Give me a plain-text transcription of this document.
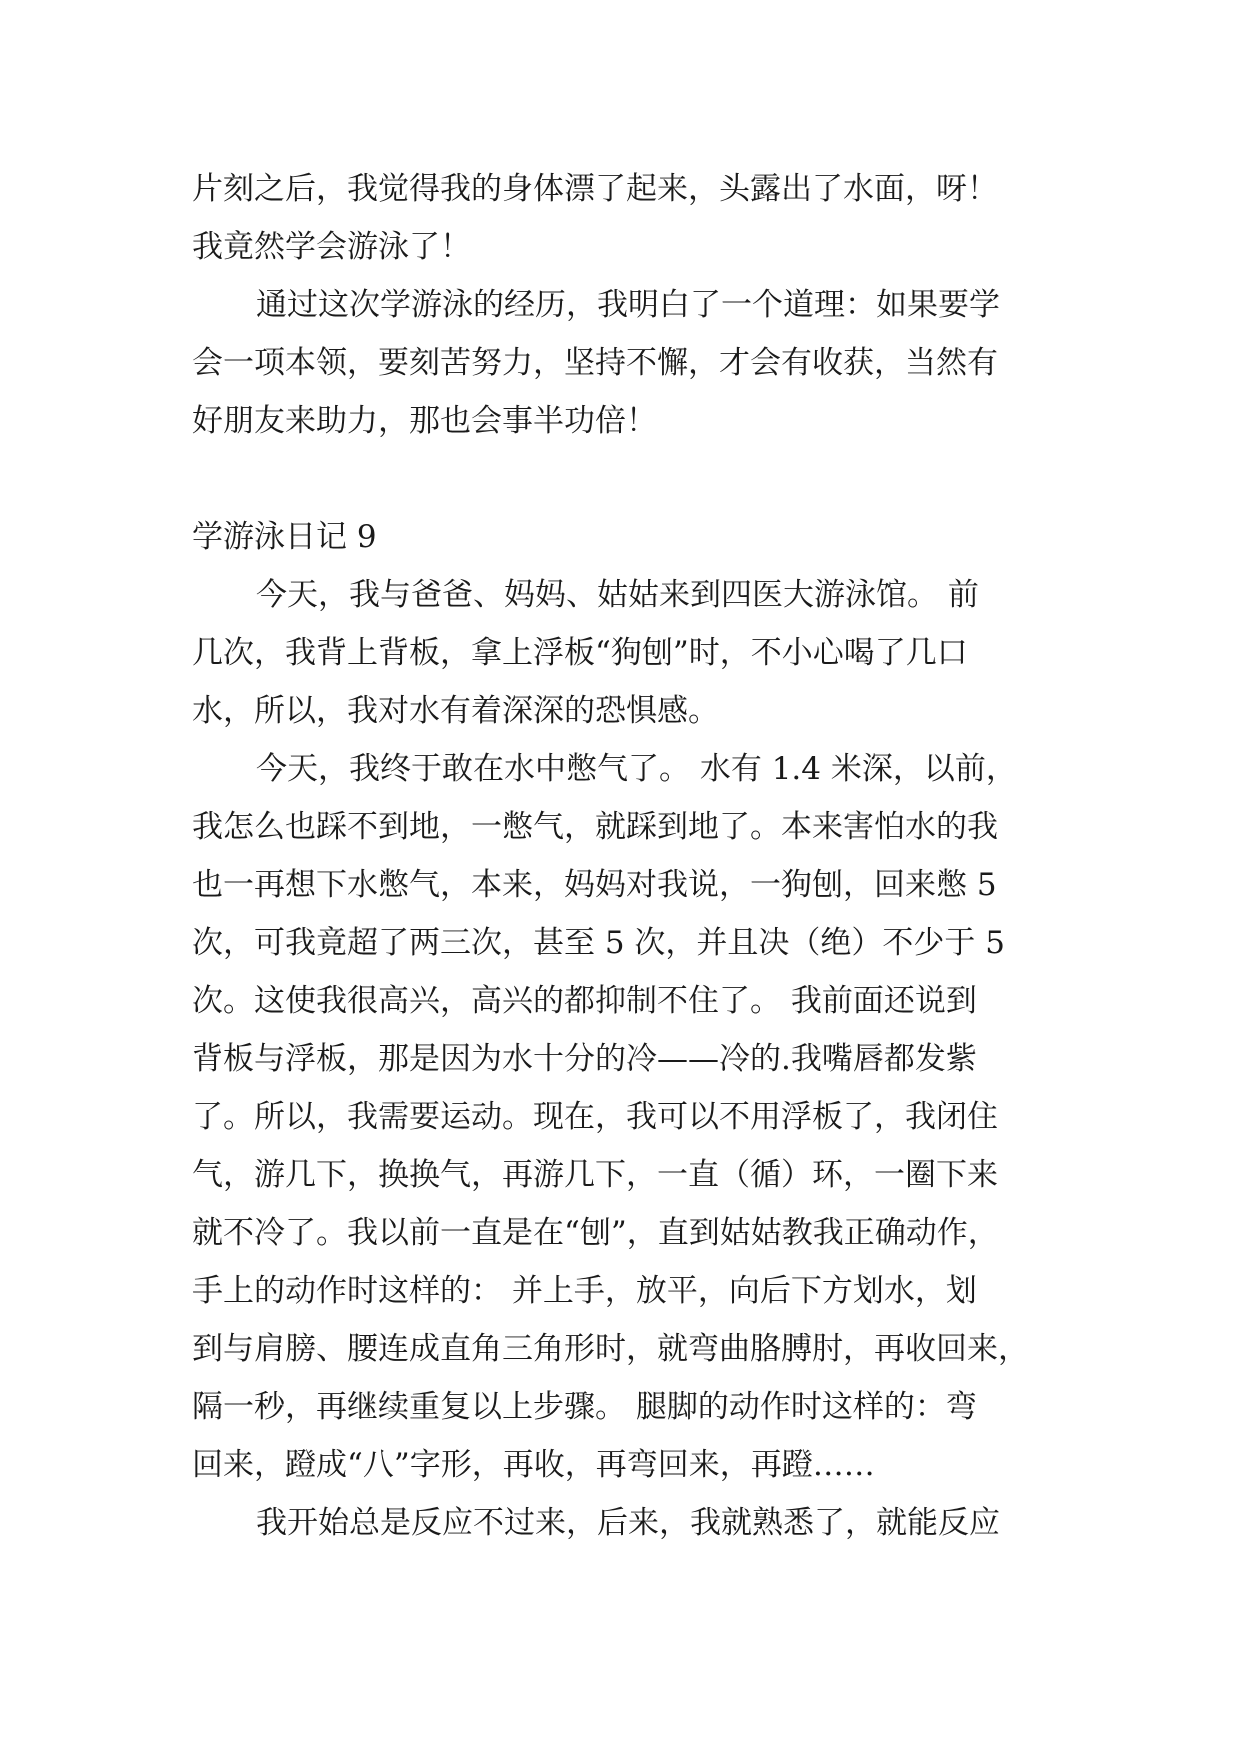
片刻之后，我觉得我的身体漂了起来，头露出了水面，呀！
我竟然学会游泳了！
通过这次学游泳的经历，我明白了一个道理：如果要学
会一项本领，要刻苦努力，坚持不懈，才会有收获，当然有
好朋友来助力，那也会事半功倍！
学游泳日记 9
今天，我与爸爸、妈妈、姑姑来到四医大游泳馆。 前
几次，我背上背板，拿上浮板“狗刨”时，不小心喝了几口
水，所以，我对水有着深深的恐惧感。
今天，我终于敢在水中憋气了。 水有 1.4 米深，以前，
我怎么也踩不到地，一憋气，就踩到地了。本来害怕水的我
也一再想下水憋气，本来，妈妈对我说，一狗刨，回来憋 5
次，可我竟超了两三次，甚至 5 次，并且决（绝）不少于 5
次。这使我很高兴，高兴的都抑制不住了。 我前面还说到
背板与浮板，那是因为水十分的冷——冷的.我嘴唇都发紫
了。所以，我需要运动。现在，我可以不用浮板了，我闭住
气，游几下，换换气，再游几下，一直（循）环，一圈下来
就不冷了。我以前一直是在“刨”，直到姑姑教我正确动作，
手上的动作时这样的： 并上手，放平，向后下方划水，划
到与肩膀、腰连成直角三角形时，就弯曲胳膊肘，再收回来，
隔一秒，再继续重复以上步骤。 腿脚的动作时这样的：弯
回来，蹬成“八”字形，再收，再弯回来，再蹬……
我开始总是反应不过来，后来，我就熟悉了，就能反应
